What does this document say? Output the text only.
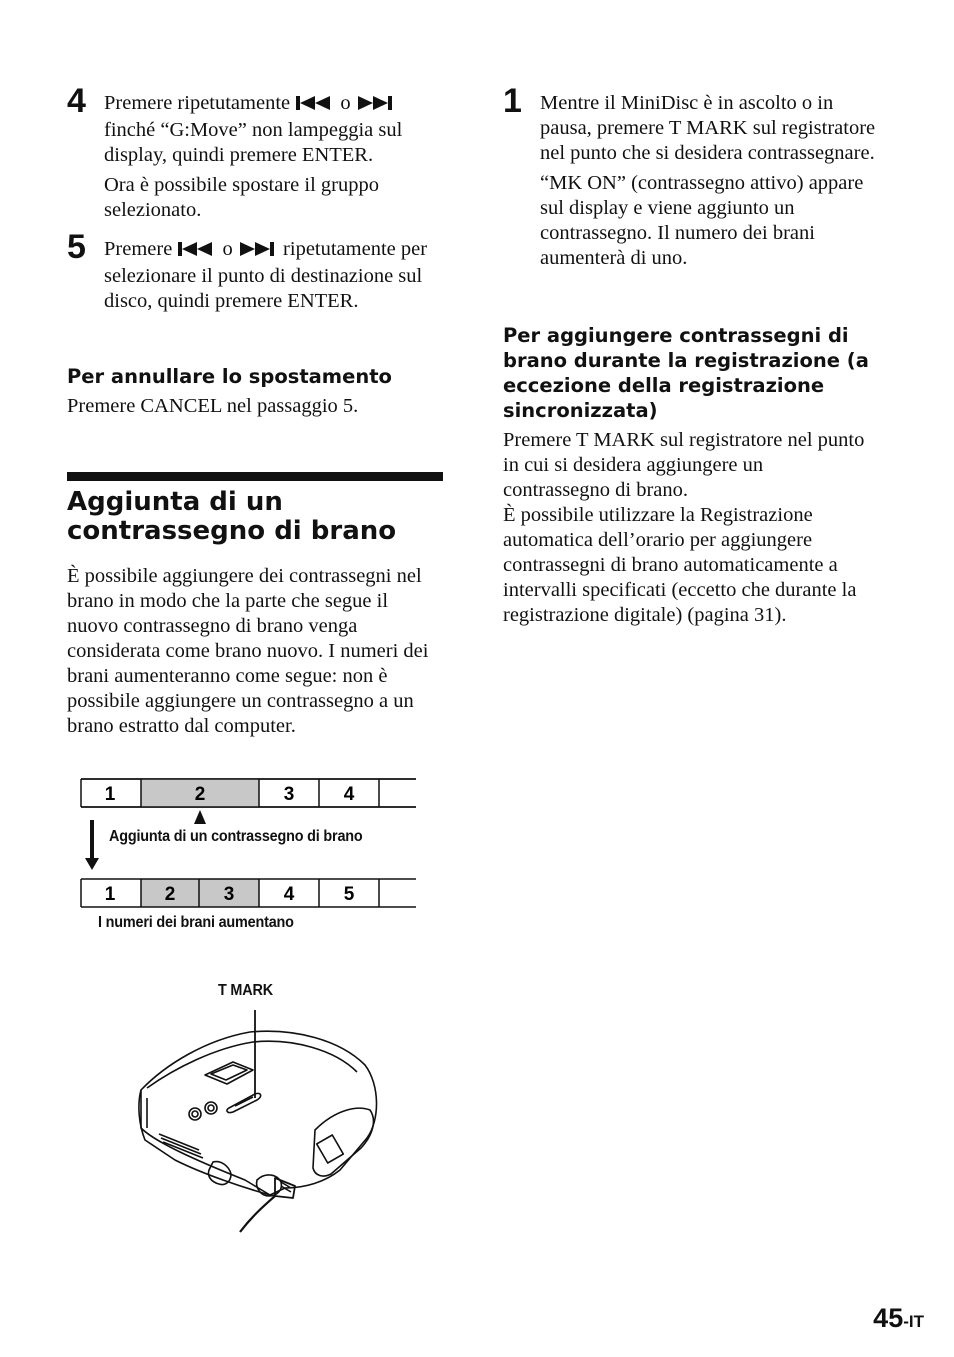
4 Premere ripetutamente o  finché “G:Move” non lampeggia sul display, quindi premere ENTER.

Ora è possibile spostare il gruppo selezionato.

5 Premere o ripetutamente per selezionare il punto di destinazione sul disco, quindi premere ENTER.

Per annullare lo spostamento

Premere CANCEL nel passaggio 5.

Aggiunta di un

contrassegno di brano

È possibile aggiungere dei contrassegni nel brano in modo che la parte che segue il nuovo contrassegno di brano venga considerata come brano nuovo. I numeri dei brani aumenteranno come segue: non è possibile aggiungere un contrassegno a un brano estratto dal computer.
1	2	3	4
1	2	3	4	5
Aggiunta di un contrassegno di brano
I numeri dei brani aumentano
T MARK
1 Mentre il MiniDisc è in ascolto o in pausa, premere T MARK sul registratore nel punto che si desidera contrassegnare.

“MK ON” (contrassegno attivo) appare sul display e viene aggiunto un contrassegno. Il numero dei brani aumenterà di uno.

Per aggiungere contrassegni di brano durante la registrazione (a eccezione della registrazione sincronizzata)

Premere T MARK sul registratore nel punto in cui si desidera aggiungere un contrassegno di brano.

È possibile utilizzare la Registrazione automatica dell’orario per aggiungere contrassegni di brano automaticamente a intervalli specificati (eccetto che durante la registrazione digitale) (pagina 31).

45-IT
